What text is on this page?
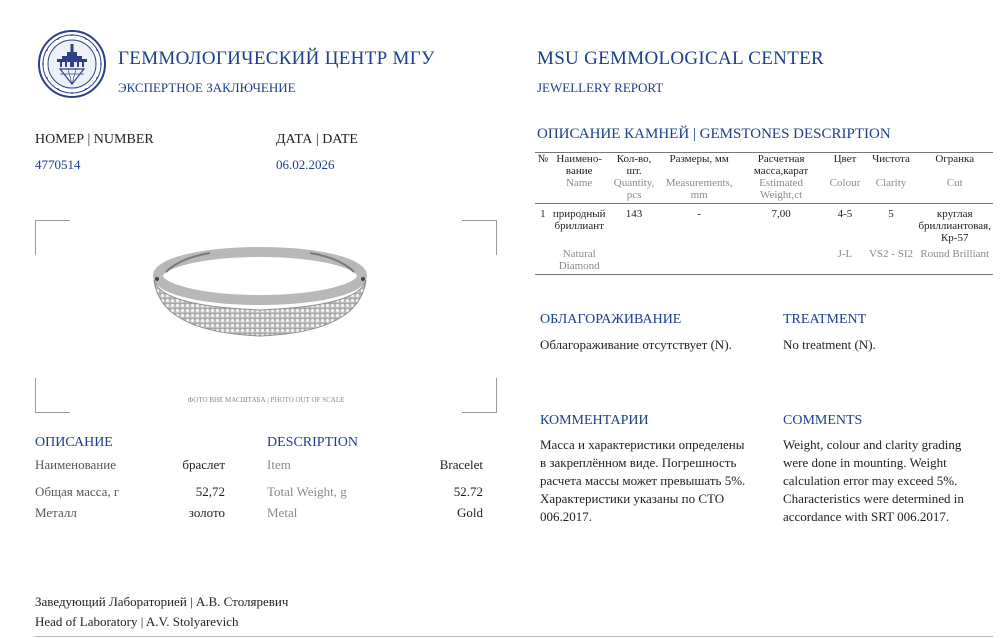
ГЕММОЛОГИЧЕСКИЙ ЦЕНТР МГУ
ЭКСПЕРТНОЕ ЗАКЛЮЧЕНИЕ
MSU GEMMOLOGICAL CENTER
JEWELLERY REPORT
НОМЕР | NUMBER
4770514
ДАТА | DATE
06.02.2026
ФОТО ВНЕ МАСШТАБА | PHOTO OUT OF SCALE
ОПИСАНИЕ	DESCRIPTION
Наименование	браслет
Общая масса, г	52,72
Металл	золото
Item	Bracelet
Total Weight, g	52.72
Metal	Gold
ОПИСАНИЕ КАМНЕЙ | GEMSTONES DESCRIPTION
№	Наимено-вание	Кол-во, шт.	Размеры, мм	Расчетная масса,карат	Цвет	Чистота	Огранка
	Name	Quantity, pcs	Measurements, mm	Estimated Weight,ct	Colour	Clarity	Cut
1	природный бриллиант	143	-	7,00	4-5	5	круглая бриллиантовая, Кр-57
	Natural Diamond				J-L	VS2 - SI2	Round Brilliant
ОБЛАГОРАЖИВАНИЕ	TREATMENT
Облагораживание отсутствует (N).	No treatment (N).
КОММЕНТАРИИ	COMMENTS
Масса и характеристики определены в закреплённом виде. Погрешность расчета массы может превышать 5%. Характеристики указаны по СТО 006.2017.
Weight, colour and clarity grading were done in mounting. Weight calculation error may exceed 5%. Characteristics were determined in accordance with SRT 006.2017.
Заведующий Лабораторией | А.В. Столяревич
Head of Laboratory | A.V. Stolyarevich
